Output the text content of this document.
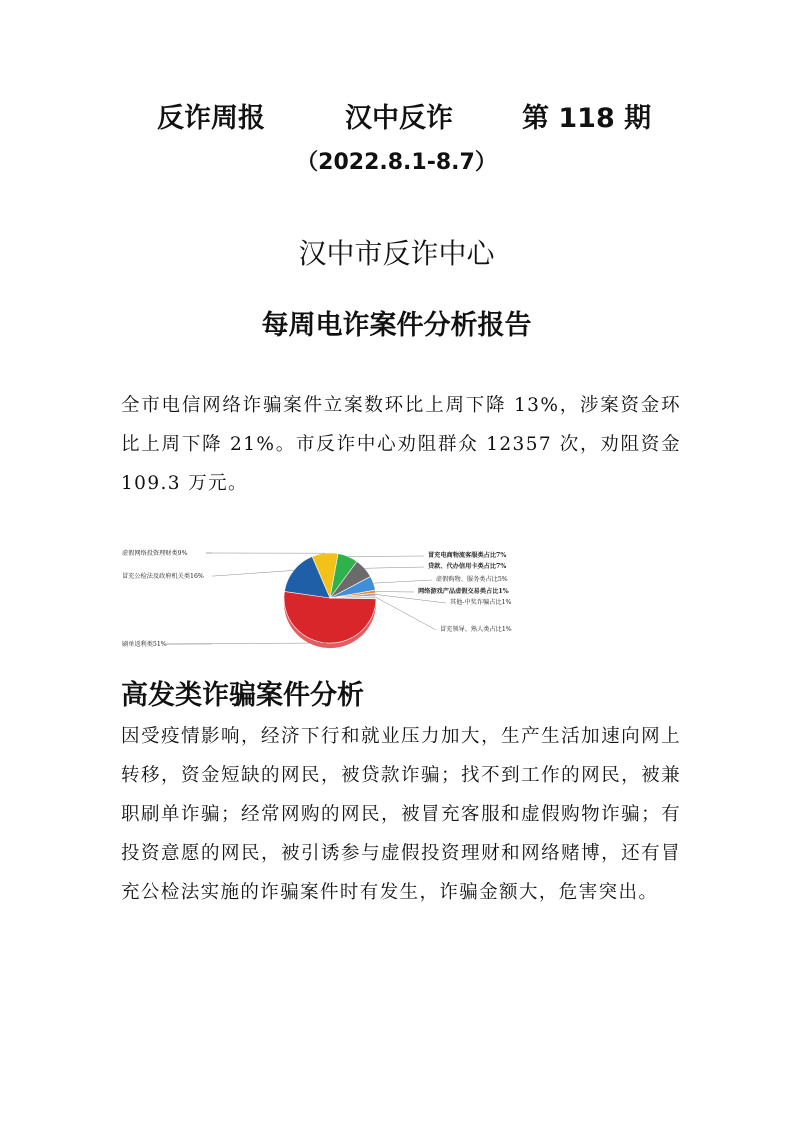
反诈周报	汉中反诈	第 118 期
（2022.8.1-8.7）
汉中市反诈中心
每周电诈案件分析报告
全市电信网络诈骗案件立案数环比上周下降 13%，涉案资金环比上周下降 21%。市反诈中心劝阻群众 12357 次，劝阻资金 109.3 万元。
刷单返利类51%
冒充公检法及政府机关类16%
虚假网络投资理财类9%	冒充电商物流客服类占比7%
贷款、代办信用卡类占比7%
虚假购物、服务类占比5%
网络游戏产品虚假交易类占比1%
其他-中奖诈骗占比1%
冒充领导、熟人类占比1%
高发类诈骗案件分析
因受疫情影响，经济下行和就业压力加大，生产生活加速向网上转移，资金短缺的网民，被贷款诈骗；找不到工作的网民，被兼职刷单诈骗；经常网购的网民，被冒充客服和虚假购物诈骗；有投资意愿的网民，被引诱参与虚假投资理财和网络赌博，还有冒充公检法实施的诈骗案件时有发生，诈骗金额大，危害突出。
